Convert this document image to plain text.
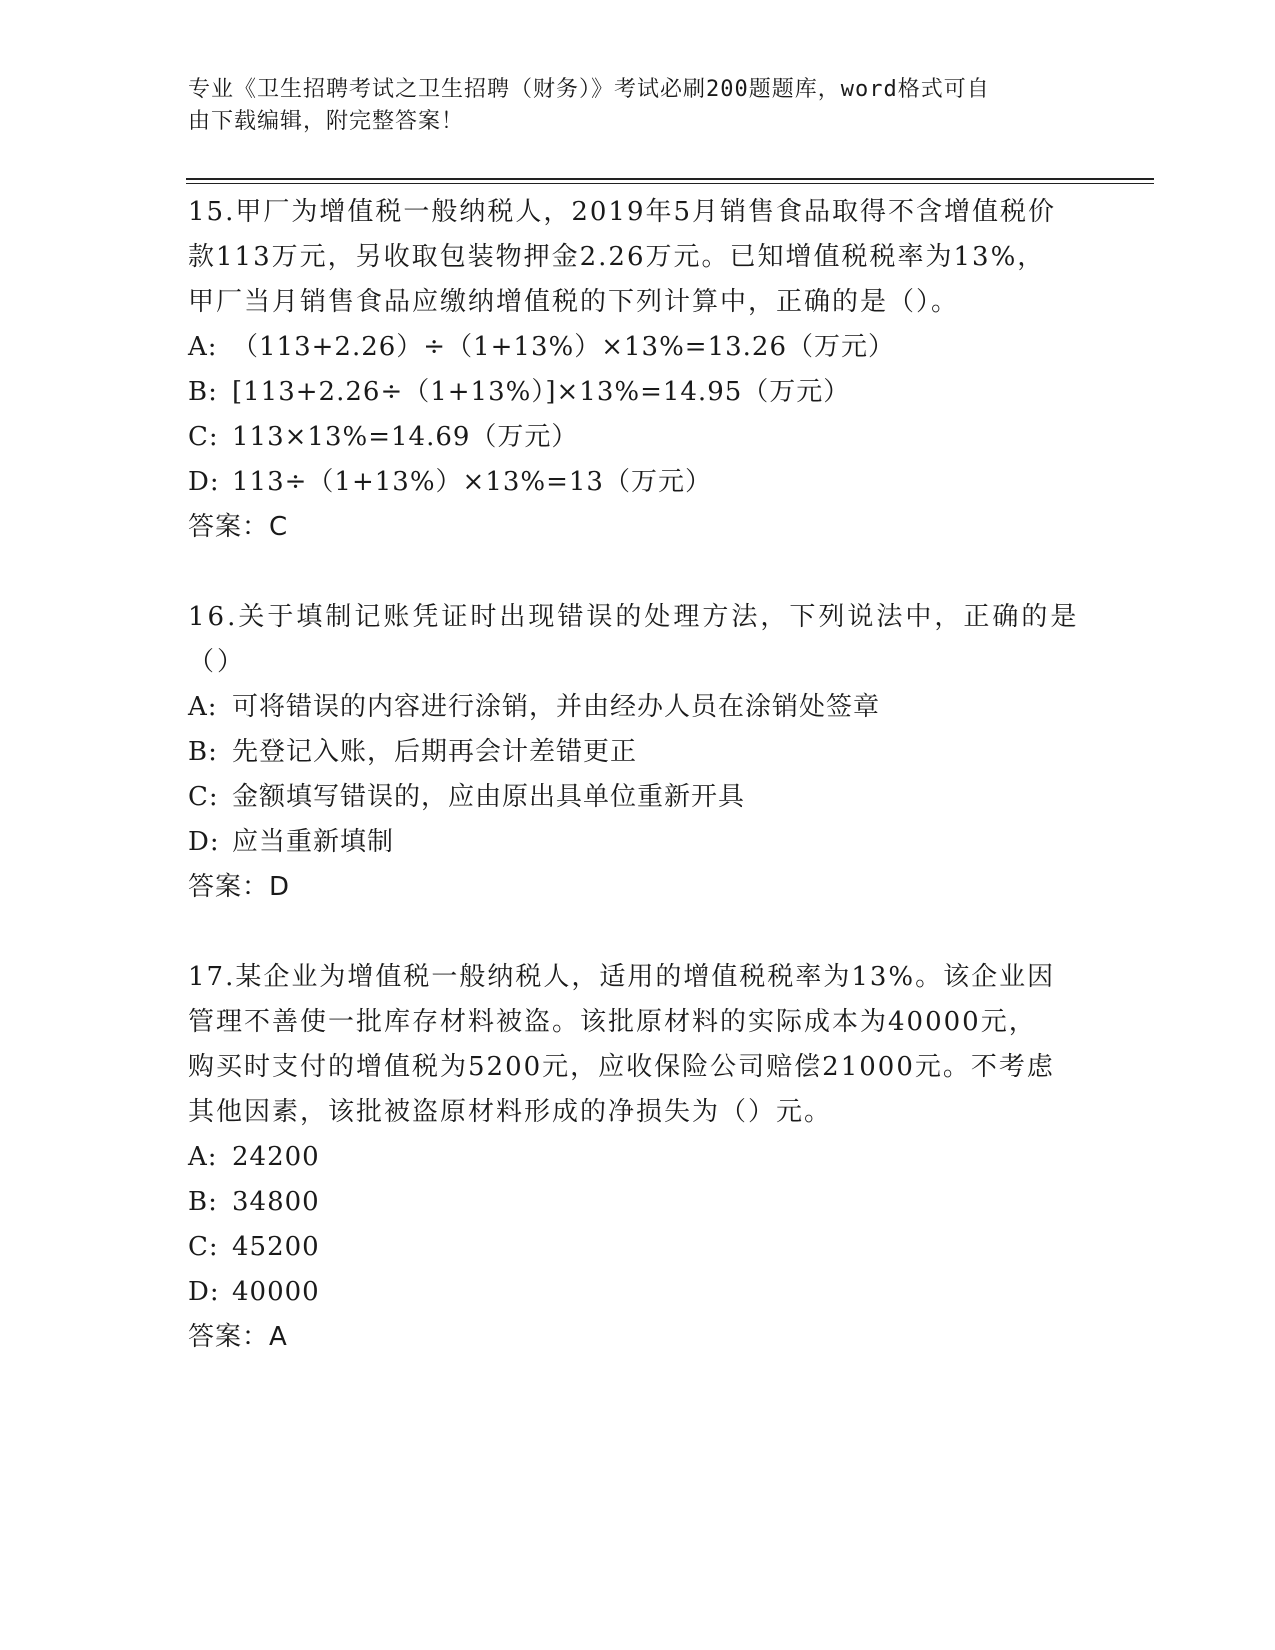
专业《卫生招聘考试之卫生招聘（财务）》考试必刷200题题库，word格式可自
由下载编辑，附完整答案！
15.甲厂为增值税一般纳税人，2019年5月销售食品取得不含增值税价
款113万元，另收取包装物押金2.26万元。已知增值税税率为13%，
甲厂当月销售食品应缴纳增值税的下列计算中，正确的是（）。
A: （113+2.26）÷（1+13%）×13%=13.26（万元）
B: [113+2.26÷（1+13%）]×13%=14.95（万元）
C: 113×13%=14.69（万元）
D: 113÷（1+13%）×13%=13（万元）
答案：C
16.关于填制记账凭证时出现错误的处理方法，下列说法中，正确的是
（）
A: 可将错误的内容进行涂销，并由经办人员在涂销处签章
B: 先登记入账，后期再会计差错更正
C: 金额填写错误的，应由原出具单位重新开具
D: 应当重新填制
答案：D
17.某企业为增值税一般纳税人，适用的增值税税率为13%。该企业因
管理不善使一批库存材料被盗。该批原材料的实际成本为40000元，
购买时支付的增值税为5200元，应收保险公司赔偿21000元。不考虑
其他因素，该批被盗原材料形成的净损失为（）元。
A: 24200
B: 34800
C: 45200
D: 40000
答案：A
